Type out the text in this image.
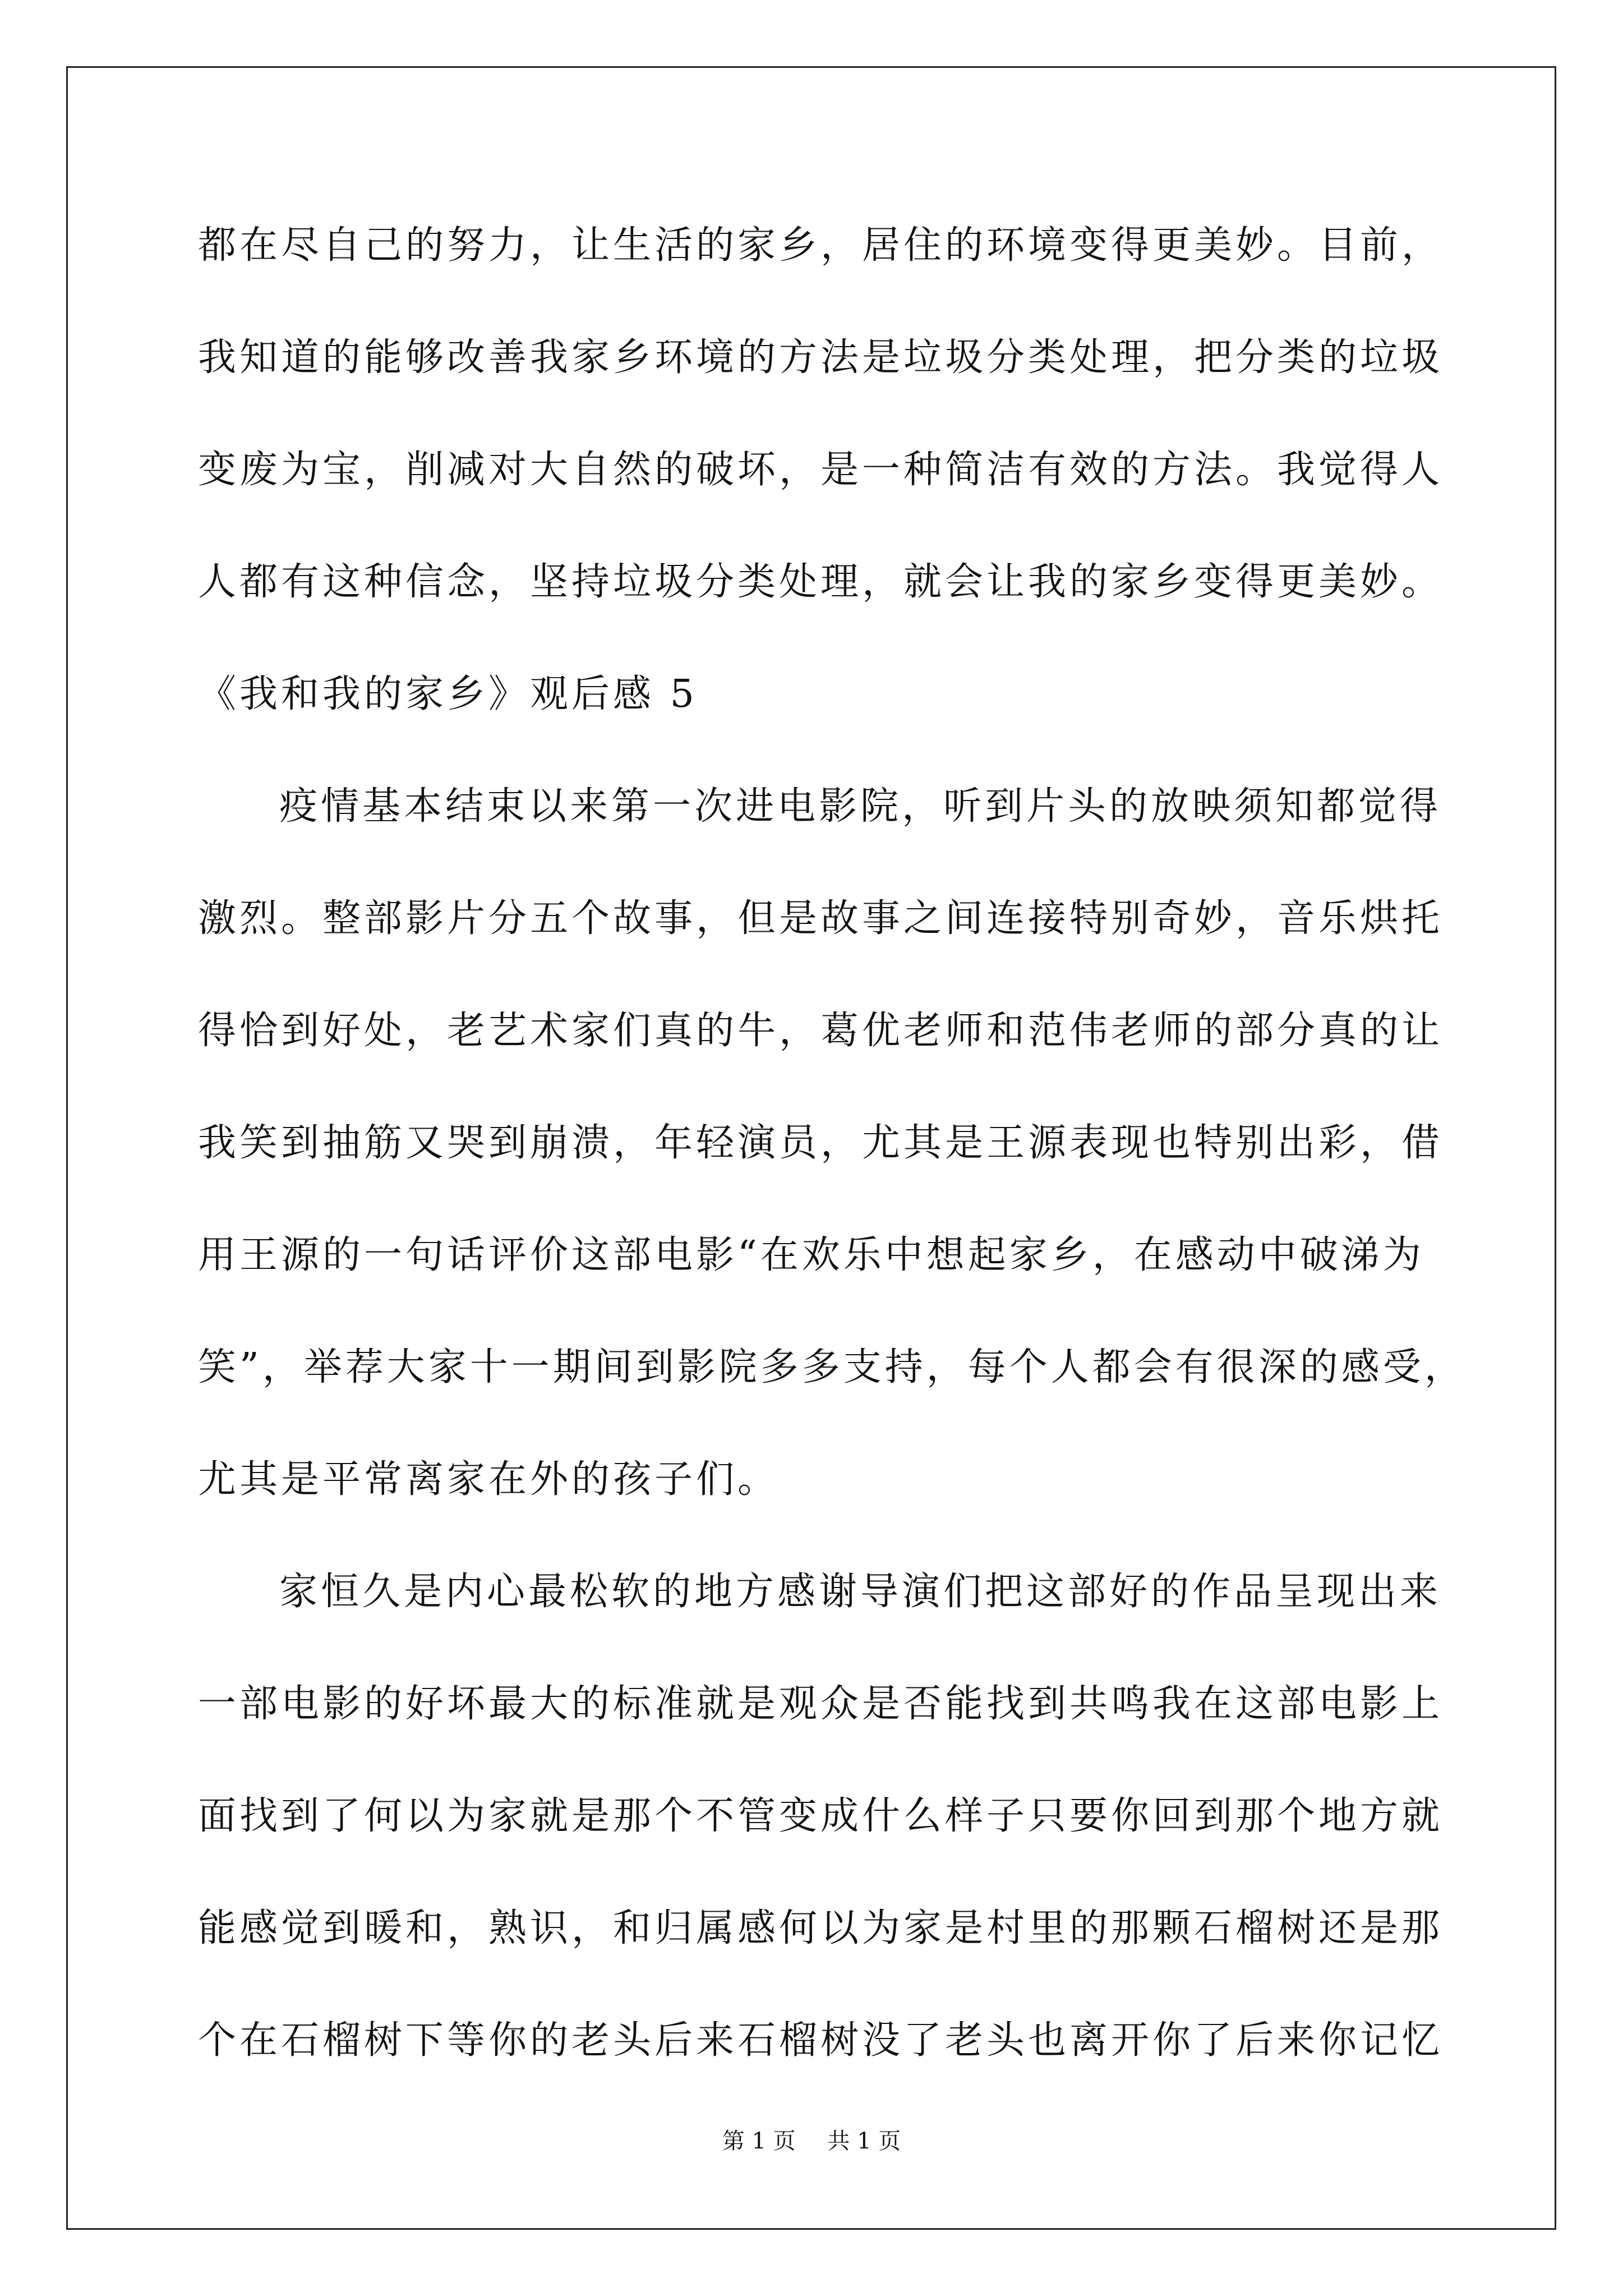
都在尽自己的努力，让生活的家乡，居住的环境变得更美妙。目前，
我知道的能够改善我家乡环境的方法是垃圾分类处理，把分类的垃圾
变废为宝，削减对大自然的破坏，是一种简洁有效的方法。我觉得人
人都有这种信念，坚持垃圾分类处理，就会让我的家乡变得更美妙。
《我和我的家乡》观后感 5
疫情基本结束以来第一次进电影院，听到片头的放映须知都觉得
激烈。整部影片分五个故事，但是故事之间连接特别奇妙，音乐烘托
得恰到好处，老艺术家们真的牛，葛优老师和范伟老师的部分真的让
我笑到抽筋又哭到崩溃，年轻演员，尤其是王源表现也特别出彩，借
用王源的一句话评价这部电影“在欢乐中想起家乡，在感动中破涕为
笑”，举荐大家十一期间到影院多多支持，每个人都会有很深的感受，
尤其是平常离家在外的孩子们。
家恒久是内心最松软的地方感谢导演们把这部好的作品呈现出来
一部电影的好坏最大的标准就是观众是否能找到共鸣我在这部电影上
面找到了何以为家就是那个不管变成什么样子只要你回到那个地方就
能感觉到暖和，熟识，和归属感何以为家是村里的那颗石榴树还是那
个在石榴树下等你的老头后来石榴树没了老头也离开你了后来你记忆
第 1 页 共 1 页
